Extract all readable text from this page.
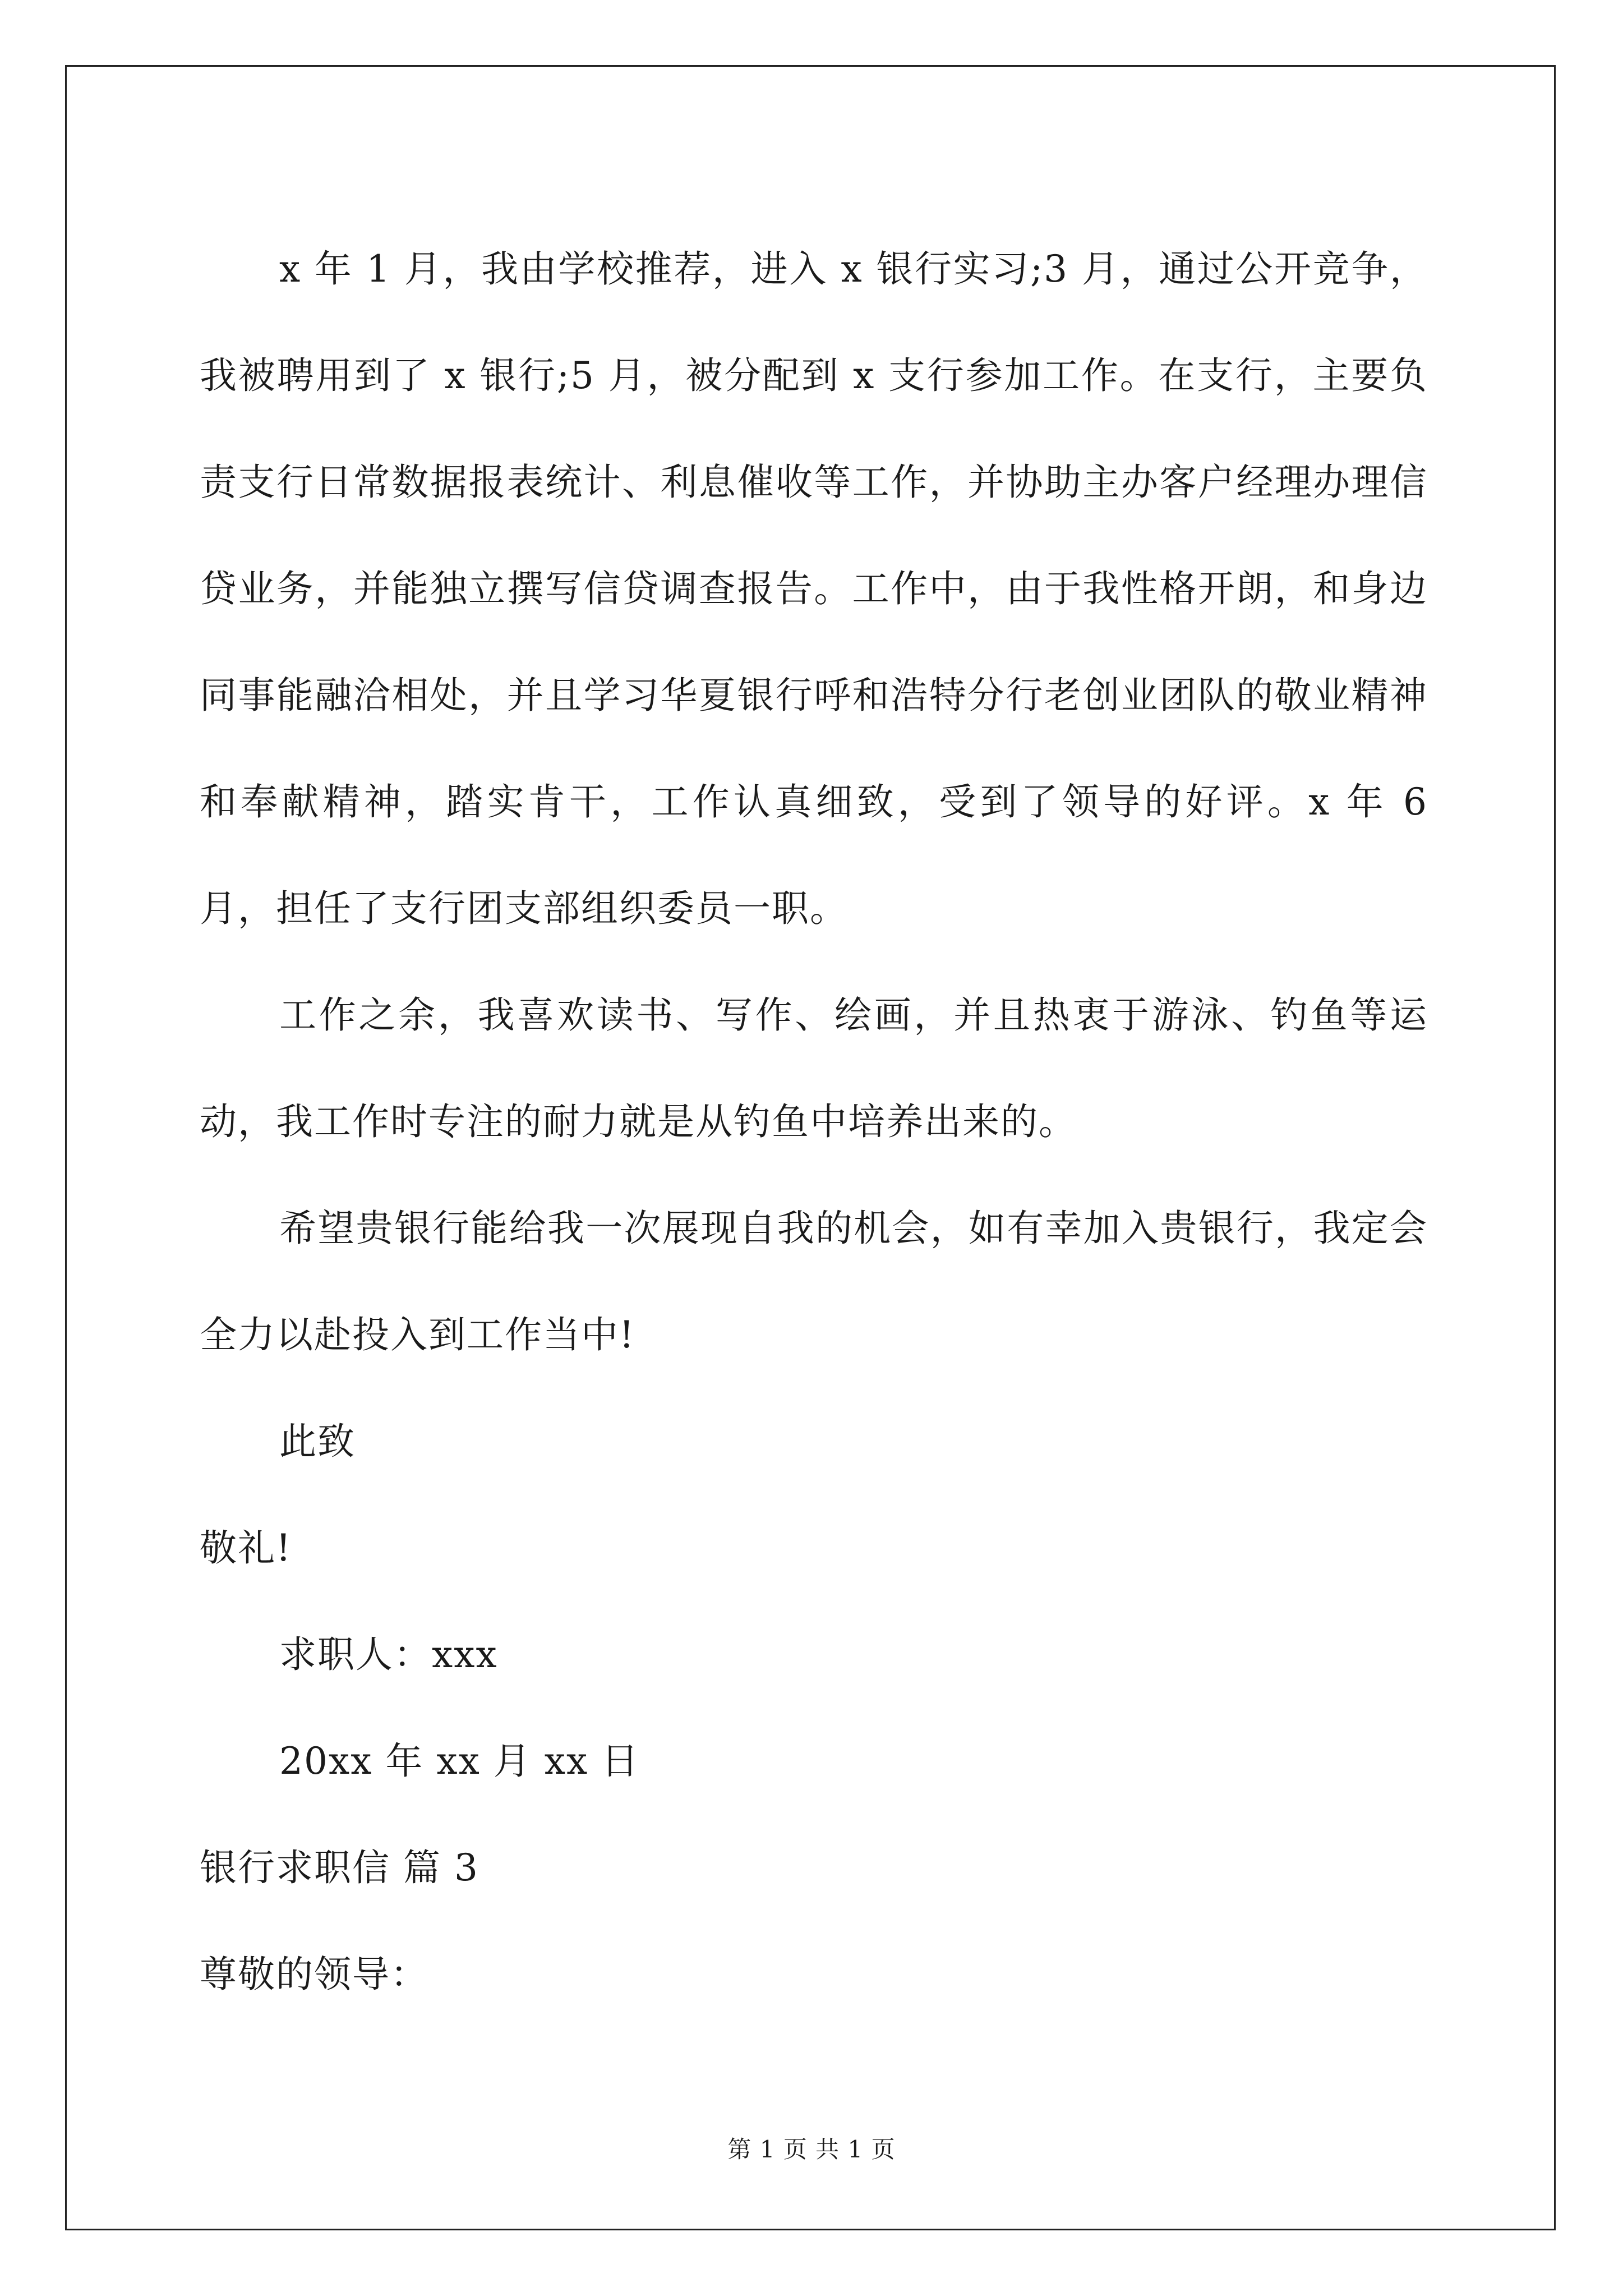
x 年 1 月，我由学校推荐，进入 x 银行实习;3 月，通过公开竞争，我被聘用到了 x 银行;5 月，被分配到 x 支行参加工作。在支行，主要负责支行日常数据报表统计、利息催收等工作，并协助主办客户经理办理信贷业务，并能独立撰写信贷调查报告。工作中，由于我性格开朗，和身边同事能融洽相处，并且学习华夏银行呼和浩特分行老创业团队的敬业精神和奉献精神，踏实肯干，工作认真细致，受到了领导的好评。x 年 6 月，担任了支行团支部组织委员一职。

工作之余，我喜欢读书、写作、绘画，并且热衷于游泳、钓鱼等运动，我工作时专注的耐力就是从钓鱼中培养出来的。

希望贵银行能给我一次展现自我的机会，如有幸加入贵银行，我定会全力以赴投入到工作当中!

此致
敬礼!
求职人：xxx
20xx 年 xx 月 xx 日
银行求职信 篇 3
尊敬的领导：
第 1 页 共 1 页
